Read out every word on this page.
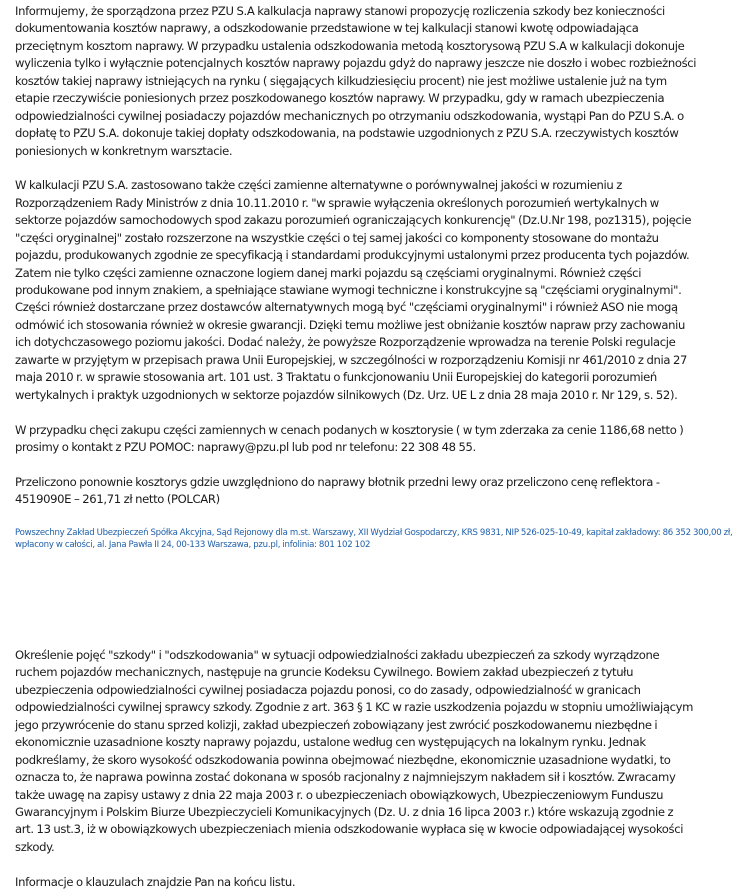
Informujemy, że sporządzona przez PZU S.A kalkulacja naprawy stanowi propozycję rozliczenia szkody bez konieczności
dokumentowania kosztów naprawy, a odszkodowanie przedstawione w tej kalkulacji stanowi kwotę odpowiadająca
przeciętnym kosztom naprawy. W przypadku ustalenia odszkodowania metodą kosztorysową PZU S.A w kalkulacji dokonuje
wyliczenia tylko i wyłącznie potencjalnych kosztów naprawy pojazdu gdyż do naprawy jeszcze nie doszło i wobec rozbieżności
kosztów takiej naprawy istniejących na rynku ( sięgających kilkudziesięciu procent) nie jest możliwe ustalenie już na tym
etapie rzeczywiście poniesionych przez poszkodowanego kosztów naprawy. W przypadku, gdy w ramach ubezpieczenia
odpowiedzialności cywilnej posiadaczy pojazdów mechanicznych po otrzymaniu odszkodowania, wystąpi Pan do PZU S.A. o
dopłatę to PZU S.A. dokonuje takiej dopłaty odszkodowania, na podstawie uzgodnionych z PZU S.A. rzeczywistych kosztów
poniesionych w konkretnym warsztacie.
W kalkulacji PZU S.A. zastosowano także części zamienne alternatywne o porównywalnej jakości w rozumieniu z
Rozporządzeniem Rady Ministrów z dnia 10.11.2010 r. "w sprawie wyłączenia określonych porozumień wertykalnych w
sektorze pojazdów samochodowych spod zakazu porozumień ograniczających konkurencję" (Dz.U.Nr 198, poz1315), pojęcie
"części oryginalnej" zostało rozszerzone na wszystkie części o tej samej jakości co komponenty stosowane do montażu
pojazdu, produkowanych zgodnie ze specyfikacją i standardami produkcyjnymi ustalonymi przez producenta tych pojazdów.
Zatem nie tylko części zamienne oznaczone logiem danej marki pojazdu są częściami oryginalnymi. Również części
produkowane pod innym znakiem, a spełniające stawiane wymogi techniczne i konstrukcyjne są "częściami oryginalnymi".
Części również dostarczane przez dostawców alternatywnych mogą być "częściami oryginalnymi" i również ASO nie mogą
odmówić ich stosowania również w okresie gwarancji. Dzięki temu możliwe jest obniżanie kosztów napraw przy zachowaniu
ich dotychczasowego poziomu jakości. Dodać należy, że powyższe Rozporządzenie wprowadza na terenie Polski regulacje
zawarte w przyjętym w przepisach prawa Unii Europejskiej, w szczególności w rozporządzeniu Komisji nr 461/2010 z dnia 27
maja 2010 r. w sprawie stosowania art. 101 ust. 3 Traktatu o funkcjonowaniu Unii Europejskiej do kategorii porozumień
wertykalnych i praktyk uzgodnionych w sektorze pojazdów silnikowych (Dz. Urz. UE L z dnia 28 maja 2010 r. Nr 129, s. 52).
W przypadku chęci zakupu części zamiennych w cenach podanych w kosztorysie ( w tym zderzaka za cenie 1186,68 netto )
prosimy o kontakt z PZU POMOC: naprawy@pzu.pl lub pod nr telefonu: 22 308 48 55.
Przeliczono ponownie kosztorys gdzie uwzględniono do naprawy błotnik przedni lewy oraz przeliczono cenę reflektora -
4519090E – 261,71 zł netto (POLCAR)
Powszechny Zakład Ubezpieczeń Spółka Akcyjna, Sąd Rejonowy dla m.st. Warszawy, XII Wydział Gospodarczy, KRS 9831, NIP 526-025-10-49, kapitał zakładowy: 86 352 300,00 zł,
wpłacony w całości, al. Jana Pawła II 24, 00-133 Warszawa, pzu.pl, infolinia: 801 102 102
Określenie pojęć "szkody" i "odszkodowania" w sytuacji odpowiedzialności zakładu ubezpieczeń za szkody wyrządzone
ruchem pojazdów mechanicznych, następuje na gruncie Kodeksu Cywilnego. Bowiem zakład ubezpieczeń z tytułu
ubezpieczenia odpowiedzialności cywilnej posiadacza pojazdu ponosi, co do zasady, odpowiedzialność w granicach
odpowiedzialności cywilnej sprawcy szkody. Zgodnie z art. 363 § 1 KC w razie uszkodzenia pojazdu w stopniu umożliwiającym
jego przywrócenie do stanu sprzed kolizji, zakład ubezpieczeń zobowiązany jest zwrócić poszkodowanemu niezbędne i
ekonomicznie uzasadnione koszty naprawy pojazdu, ustalone według cen występujących na lokalnym rynku. Jednak
podkreślamy, że skoro wysokość odszkodowania powinna obejmować niezbędne, ekonomicznie uzasadnione wydatki, to
oznacza to, że naprawa powinna zostać dokonana w sposób racjonalny z najmniejszym nakładem sił i kosztów. Zwracamy
także uwagę na zapisy ustawy z dnia 22 maja 2003 r. o ubezpieczeniach obowiązkowych, Ubezpieczeniowym Funduszu
Gwarancyjnym i Polskim Biurze Ubezpieczycieli Komunikacyjnych (Dz. U. z dnia 16 lipca 2003 r.) które wskazują zgodnie z
art. 13 ust.3, iż w obowiązkowych ubezpieczeniach mienia odszkodowanie wypłaca się w kwocie odpowiadającej wysokości
szkody.
Informacje o klauzulach znajdzie Pan na końcu listu.
